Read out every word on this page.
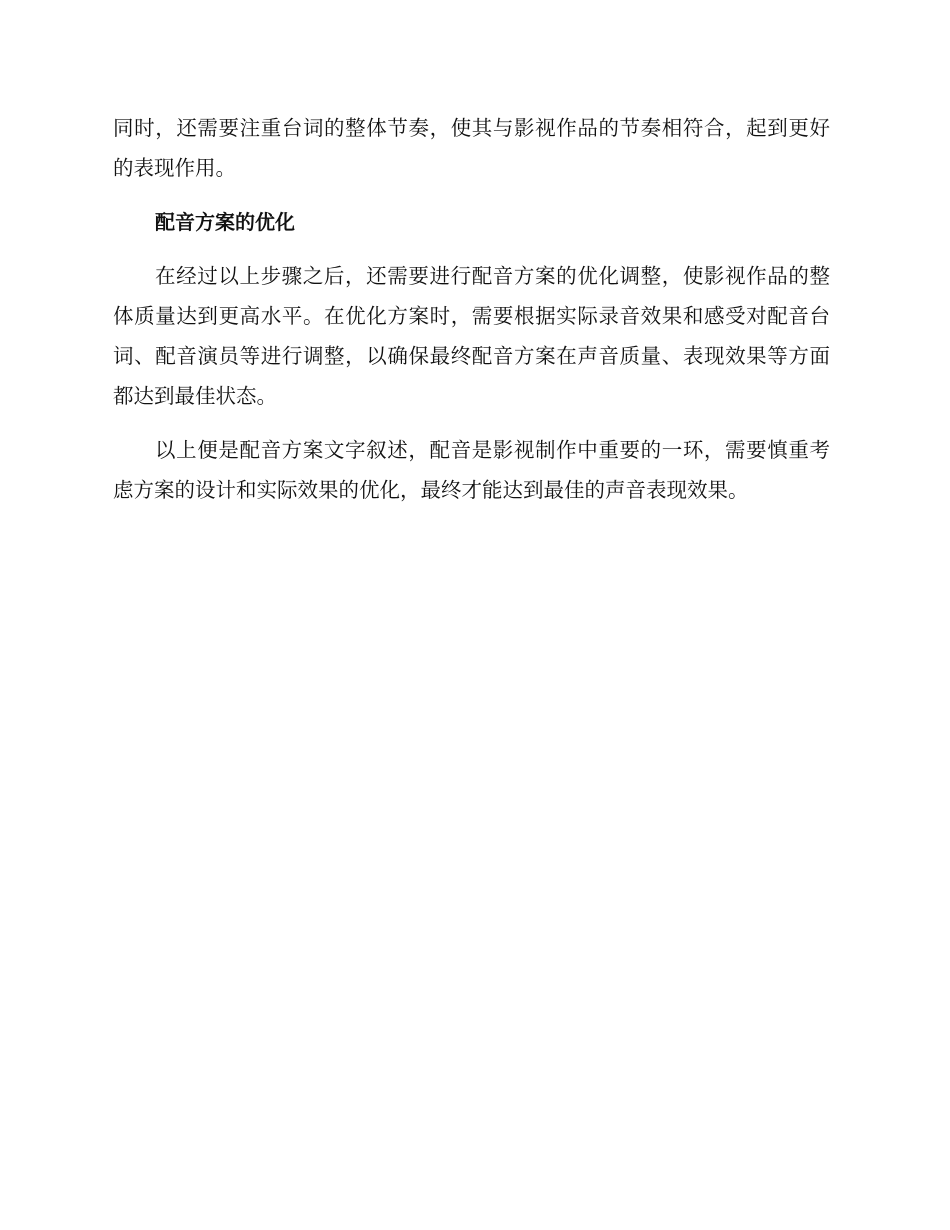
同时，还需要注重台词的整体节奏，使其与影视作品的节奏相符合，起到更好的表现作用。

配音方案的优化

在经过以上步骤之后，还需要进行配音方案的优化调整，使影视作品的整体质量达到更高水平。在优化方案时，需要根据实际录音效果和感受对配音台词、配音演员等进行调整，以确保最终配音方案在声音质量、表现效果等方面都达到最佳状态。

以上便是配音方案文字叙述，配音是影视制作中重要的一环，需要慎重考虑方案的设计和实际效果的优化，最终才能达到最佳的声音表现效果。
